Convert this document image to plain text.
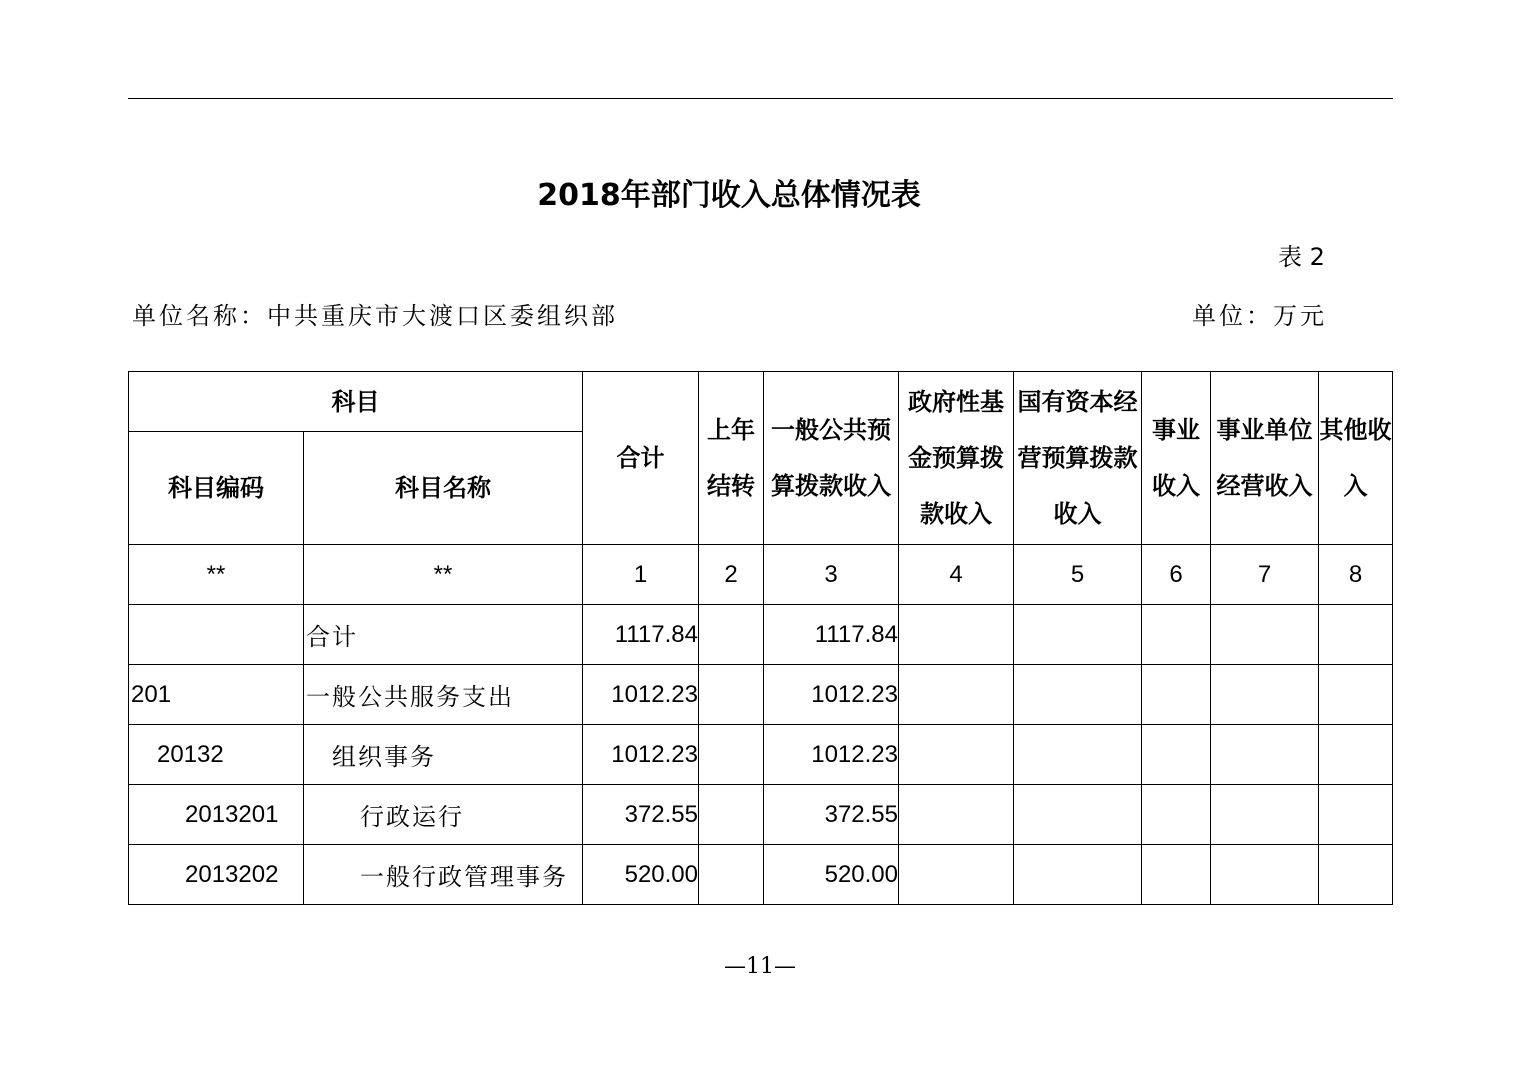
2018年部门收入总体情况表
表 2
单位名称：中共重庆市大渡口区委组织部	单位：万元
科目		合计	上年结转	一般公共预算拨款收入	政府性基金预算拨款收入	国有资本经营预算拨款收入	事业收入	事业单位经营收入	其他收入
科目编码	科目名称								
**	**	1	2	3	4	5	6	7	8
	合计	1117.84		1117.84					
201	一般公共服务支出	1012.23		1012.23					
20132	组织事务	1012.23		1012.23					
2013201	行政运行	372.55		372.55					
2013202	一般行政管理事务	520.00		520.00					
—11—
